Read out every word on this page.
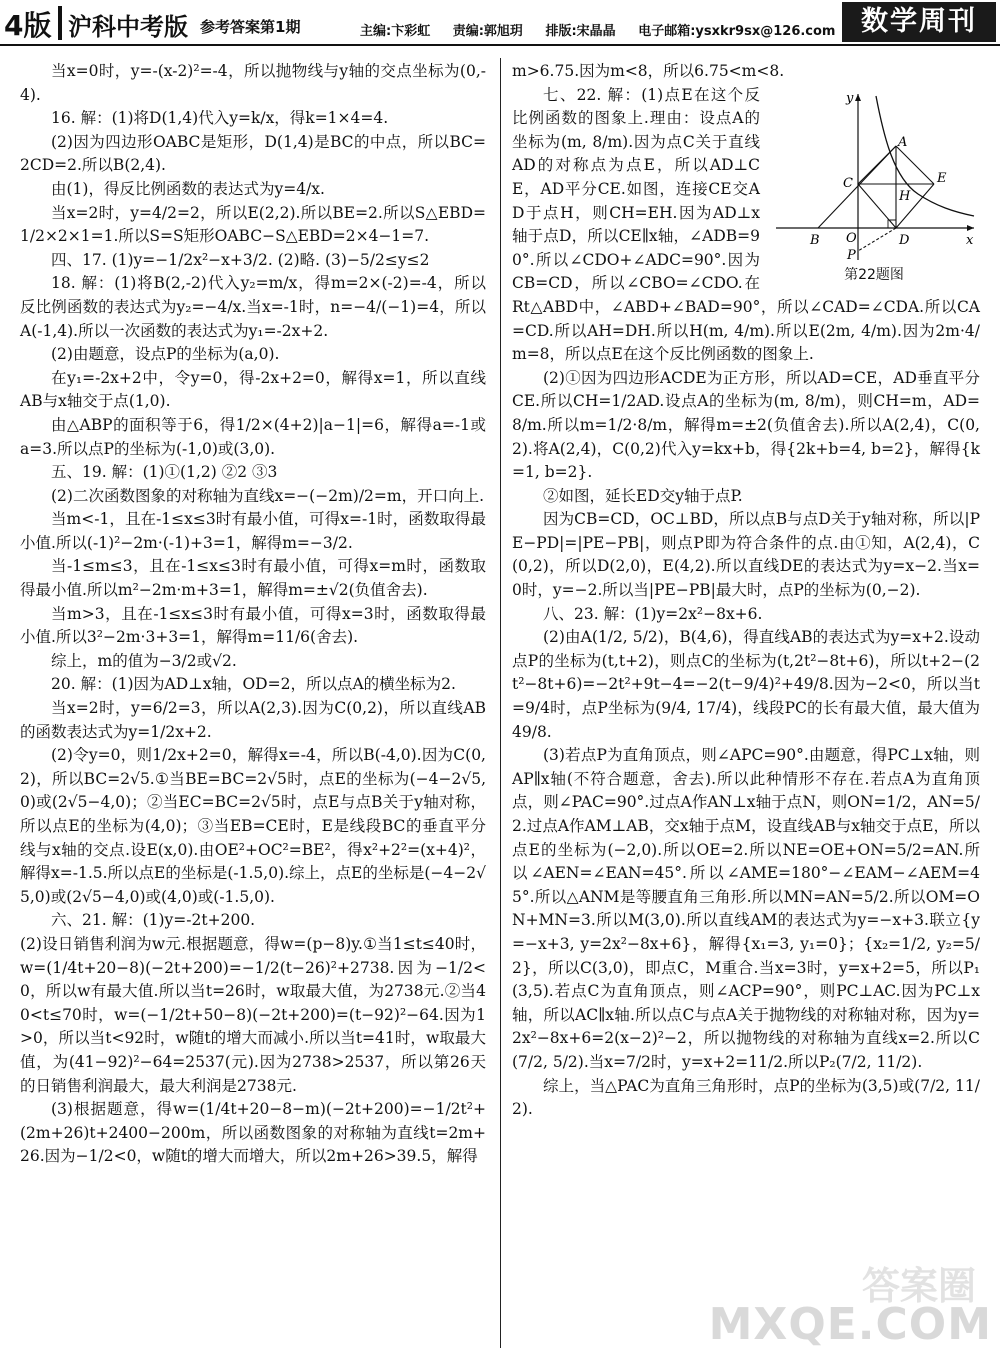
4版 沪科中考版 参考答案第1期	主编:卞彩虹 责编:郭旭玥 排版:宋晶晶 电子邮箱:ysxkr9sx@126.com 数学周刊

当x=0时，y=-(x-2)²=-4，所以抛物线与y轴的交点坐标为(0,-4).

16. 解：(1)将D(1,4)代入y=k/x，得k=1×4=4.

(2)因为四边形OABC是矩形，D(1,4)是BC的中点，所以BC=2CD=2.所以B(2,4).

由(1)，得反比例函数的表达式为y=4/x.

当x=2时，y=4/2=2，所以E(2,2).所以BE=2.所以S△EBD=1/2×2×1=1.所以S=S矩形OABC−S△EBD=2×4−1=7.

四、17. (1)y=−1/2x²−x+3/2. (2)略. (3)−5/2≤y≤2

18. 解：(1)将B(2,-2)代入y₂=m/x，得m=2×(-2)=-4，所以反比例函数的表达式为y₂=−4/x.当x=-1时，n=−4/(−1)=4，所以A(-1,4).所以一次函数的表达式为y₁=-2x+2.

(2)由题意，设点P的坐标为(a,0).

在y₁=-2x+2中，令y=0，得-2x+2=0，解得x=1，所以直线AB与x轴交于点(1,0).

由△ABP的面积等于6，得1/2×(4+2)|a−1|=6，解得a=-1或a=3.所以点P的坐标为(-1,0)或(3,0).

五、19. 解：(1)①(1,2) ②2 ③3

(2)二次函数图象的对称轴为直线x=−(−2m)/2=m，开口向上.

当m<-1，且在-1≤x≤3时有最小值，可得x=-1时，函数取得最小值.所以(-1)²−2m·(-1)+3=1，解得m=−3/2.

当-1≤m≤3，且在-1≤x≤3时有最小值，可得x=m时，函数取得最小值.所以m²−2m·m+3=1，解得m=±√2(负值舍去).

当m>3，且在-1≤x≤3时有最小值，可得x=3时，函数取得最小值.所以3²−2m·3+3=1，解得m=11/6(舍去).

综上，m的值为−3/2或√2.

20. 解：(1)因为AD⊥x轴，OD=2，所以点A的横坐标为2.

当x=2时，y=6/2=3，所以A(2,3).因为C(0,2)，所以直线AB的函数表达式为y=1/2x+2.

(2)令y=0，则1/2x+2=0，解得x=-4，所以B(-4,0).因为C(0,2)，所以BC=2√5.①当BE=BC=2√5时，点E的坐标为(−4−2√5,0)或(2√5−4,0)；②当EC=BC=2√5时，点E与点B关于y轴对称，所以点E的坐标为(4,0)；③当EB=CE时，E是线段BC的垂直平分线与x轴的交点.设E(x,0).由OE²+OC²=BE²，得x²+2²=(x+4)²，解得x=-1.5.所以点E的坐标是(-1.5,0).综上，点E的坐标是(−4−2√5,0)或(2√5−4,0)或(4,0)或(-1.5,0).

六、21. 解：(1)y=-2t+200.

(2)设日销售利润为w元.根据题意，得w=(p−8)y.①当1≤t≤40时，w=(1/4t+20−8)(−2t+200)=−1/2(t−26)²+2738.因为−1/2<0，所以w有最大值.所以当t=26时，w取最大值，为2738元.②当40<t≤70时，w=(−1/2t+50−8)(−2t+200)=(t−92)²−64.因为1>0，所以当t<92时，w随t的增大而减小.所以当t=41时，w取最大值，为(41−92)²−64=2537(元).因为2738>2537，所以第26天的日销售利润最大，最大利润是2738元.

(3)根据题意，得w=(1/4t+20−8−m)(−2t+200)=−1/2t²+(2m+26)t+2400−200m，所以函数图象的对称轴为直线t=2m+26.因为−1/2<0，w随t的增大而增大，所以2m+26>39.5，解得

m>6.75.因为m<8，所以6.75<m<8.

y
x
A
C	E
H
B O	D
P
第22题图

七、22. 解：(1)点E在这个反比例函数的图象上.理由：设点A的坐标为(m, 8/m).因为点C关于直线AD的对称点为点E，所以AD⊥CE，AD平分CE.如图，连接CE交AD于点H，则CH=EH.因为AD⊥x轴于点D，所以CE∥x轴，∠ADB=90°.所以∠CDO+∠ADC=90°.因为CB=CD，所以∠CBO=∠CDO.在Rt△ABD中，∠ABD+∠BAD=90°，所以∠CAD=∠CDA.所以CA=CD.所以AH=DH.所以H(m, 4/m).所以E(2m, 4/m).因为2m·4/m=8，所以点E在这个反比例函数的图象上.

(2)①因为四边形ACDE为正方形，所以AD=CE，AD垂直平分CE.所以CH=1/2AD.设点A的坐标为(m, 8/m)，则CH=m，AD=8/m.所以m=1/2·8/m，解得m=±2(负值舍去).所以A(2,4)，C(0,2).将A(2,4)，C(0,2)代入y=kx+b，得{2k+b=4, b=2}，解得{k=1, b=2}.

②如图，延长ED交y轴于点P.

因为CB=CD，OC⊥BD，所以点B与点D关于y轴对称，所以|PE−PD|=|PE−PB|，则点P即为符合条件的点.由①知，A(2,4)，C(0,2)，所以D(2,0)，E(4,2).所以直线DE的表达式为y=x−2.当x=0时，y=−2.所以当|PE−PB|最大时，点P的坐标为(0,−2).

八、23. 解：(1)y=2x²−8x+6.

(2)由A(1/2, 5/2)，B(4,6)，得直线AB的表达式为y=x+2.设动点P的坐标为(t,t+2)，则点C的坐标为(t,2t²−8t+6)，所以t+2−(2t²−8t+6)=−2t²+9t−4=−2(t−9/4)²+49/8.因为−2<0，所以当t=9/4时，点P坐标为(9/4, 17/4)，线段PC的长有最大值，最大值为49/8.

(3)若点P为直角顶点，则∠APC=90°.由题意，得PC⊥x轴，则AP∥x轴(不符合题意，舍去).所以此种情形不存在.若点A为直角顶点，则∠PAC=90°.过点A作AN⊥x轴于点N，则ON=1/2，AN=5/2.过点A作AM⊥AB，交x轴于点M，设直线AB与x轴交于点E，所以点E的坐标为(−2,0).所以OE=2.所以NE=OE+ON=5/2=AN.所以∠AEN=∠EAN=45°.所以∠AME=180°−∠EAM−∠AEM=45°.所以△ANM是等腰直角三角形.所以MN=AN=5/2.所以OM=ON+MN=3.所以M(3,0).所以直线AM的表达式为y=−x+3.联立{y=−x+3, y=2x²−8x+6}，解得{x₁=3, y₁=0}；{x₂=1/2, y₂=5/2}，所以C(3,0)，即点C，M重合.当x=3时，y=x+2=5，所以P₁(3,5).若点C为直角顶点，则∠ACP=90°，则PC⊥AC.因为PC⊥x轴，所以AC∥x轴.所以点C与点A关于抛物线的对称轴对称，因为y=2x²−8x+6=2(x−2)²−2，所以抛物线的对称轴为直线x=2.所以C(7/2, 5/2).当x=7/2时，y=x+2=11/2.所以P₂(7/2, 11/2).

综上，当△PAC为直角三角形时，点P的坐标为(3,5)或(7/2, 11/2).

答案圈
MXQE.COM
